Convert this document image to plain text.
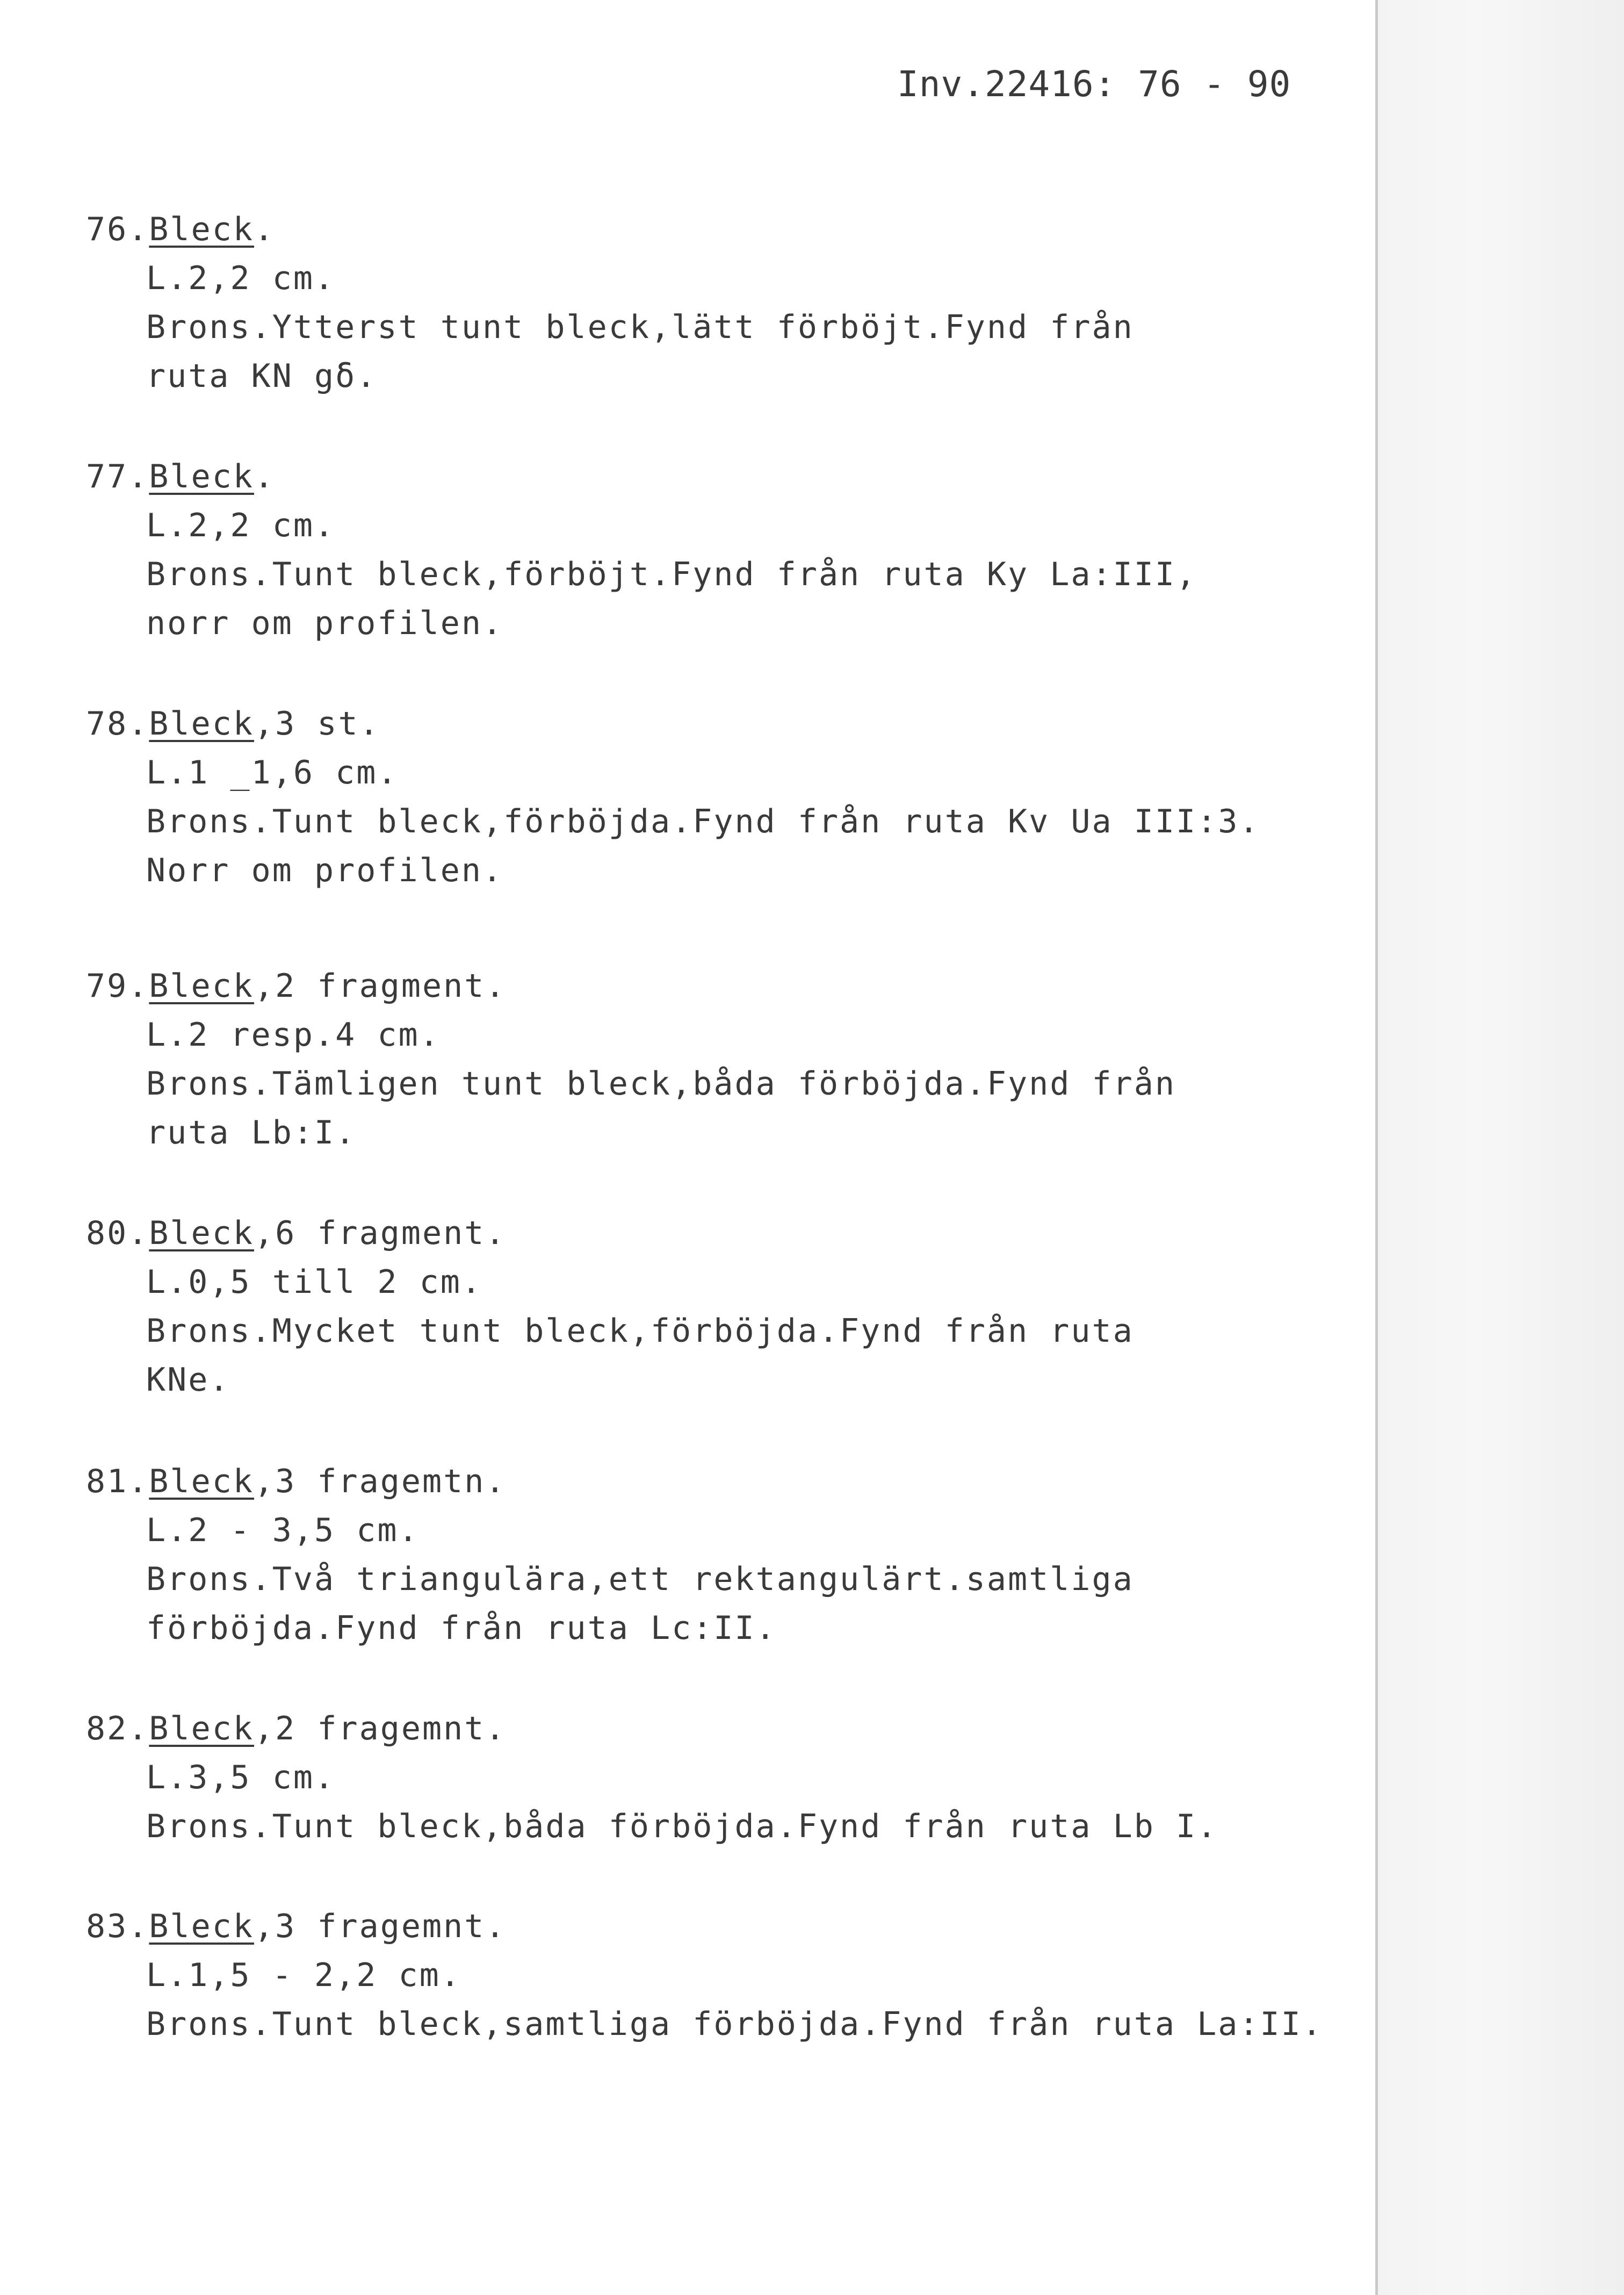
Inv.22416: 76 - 90
76.Bleck.
L.2,2 cm.
Brons.Ytterst tunt bleck,lätt förböjt.Fynd från
ruta KN gδ.
77.Bleck.
L.2,2 cm.
Brons.Tunt bleck,förböjt.Fynd från ruta Ky La:III,
norr om profilen.
78.Bleck,3 st.
L.1 _1,6 cm.
Brons.Tunt bleck,förböjda.Fynd från ruta Kv Ua III:3.
Norr om profilen.
79.Bleck,2 fragment.
L.2 resp.4 cm.
Brons.Tämligen tunt bleck,båda förböjda.Fynd från
ruta Lb:I.
80.Bleck,6 fragment.
L.0,5 till 2 cm.
Brons.Mycket tunt bleck,förböjda.Fynd från ruta
KNe.
81.Bleck,3 fragemtn.
L.2 - 3,5 cm.
Brons.Två triangulära,ett rektangulärt.samtliga
förböjda.Fynd från ruta Lc:II.
82.Bleck,2 fragemnt.
L.3,5 cm.
Brons.Tunt bleck,båda förböjda.Fynd från ruta Lb I.
83.Bleck,3 fragemnt.
L.1,5 - 2,2 cm.
Brons.Tunt bleck,samtliga förböjda.Fynd från ruta La:II.
